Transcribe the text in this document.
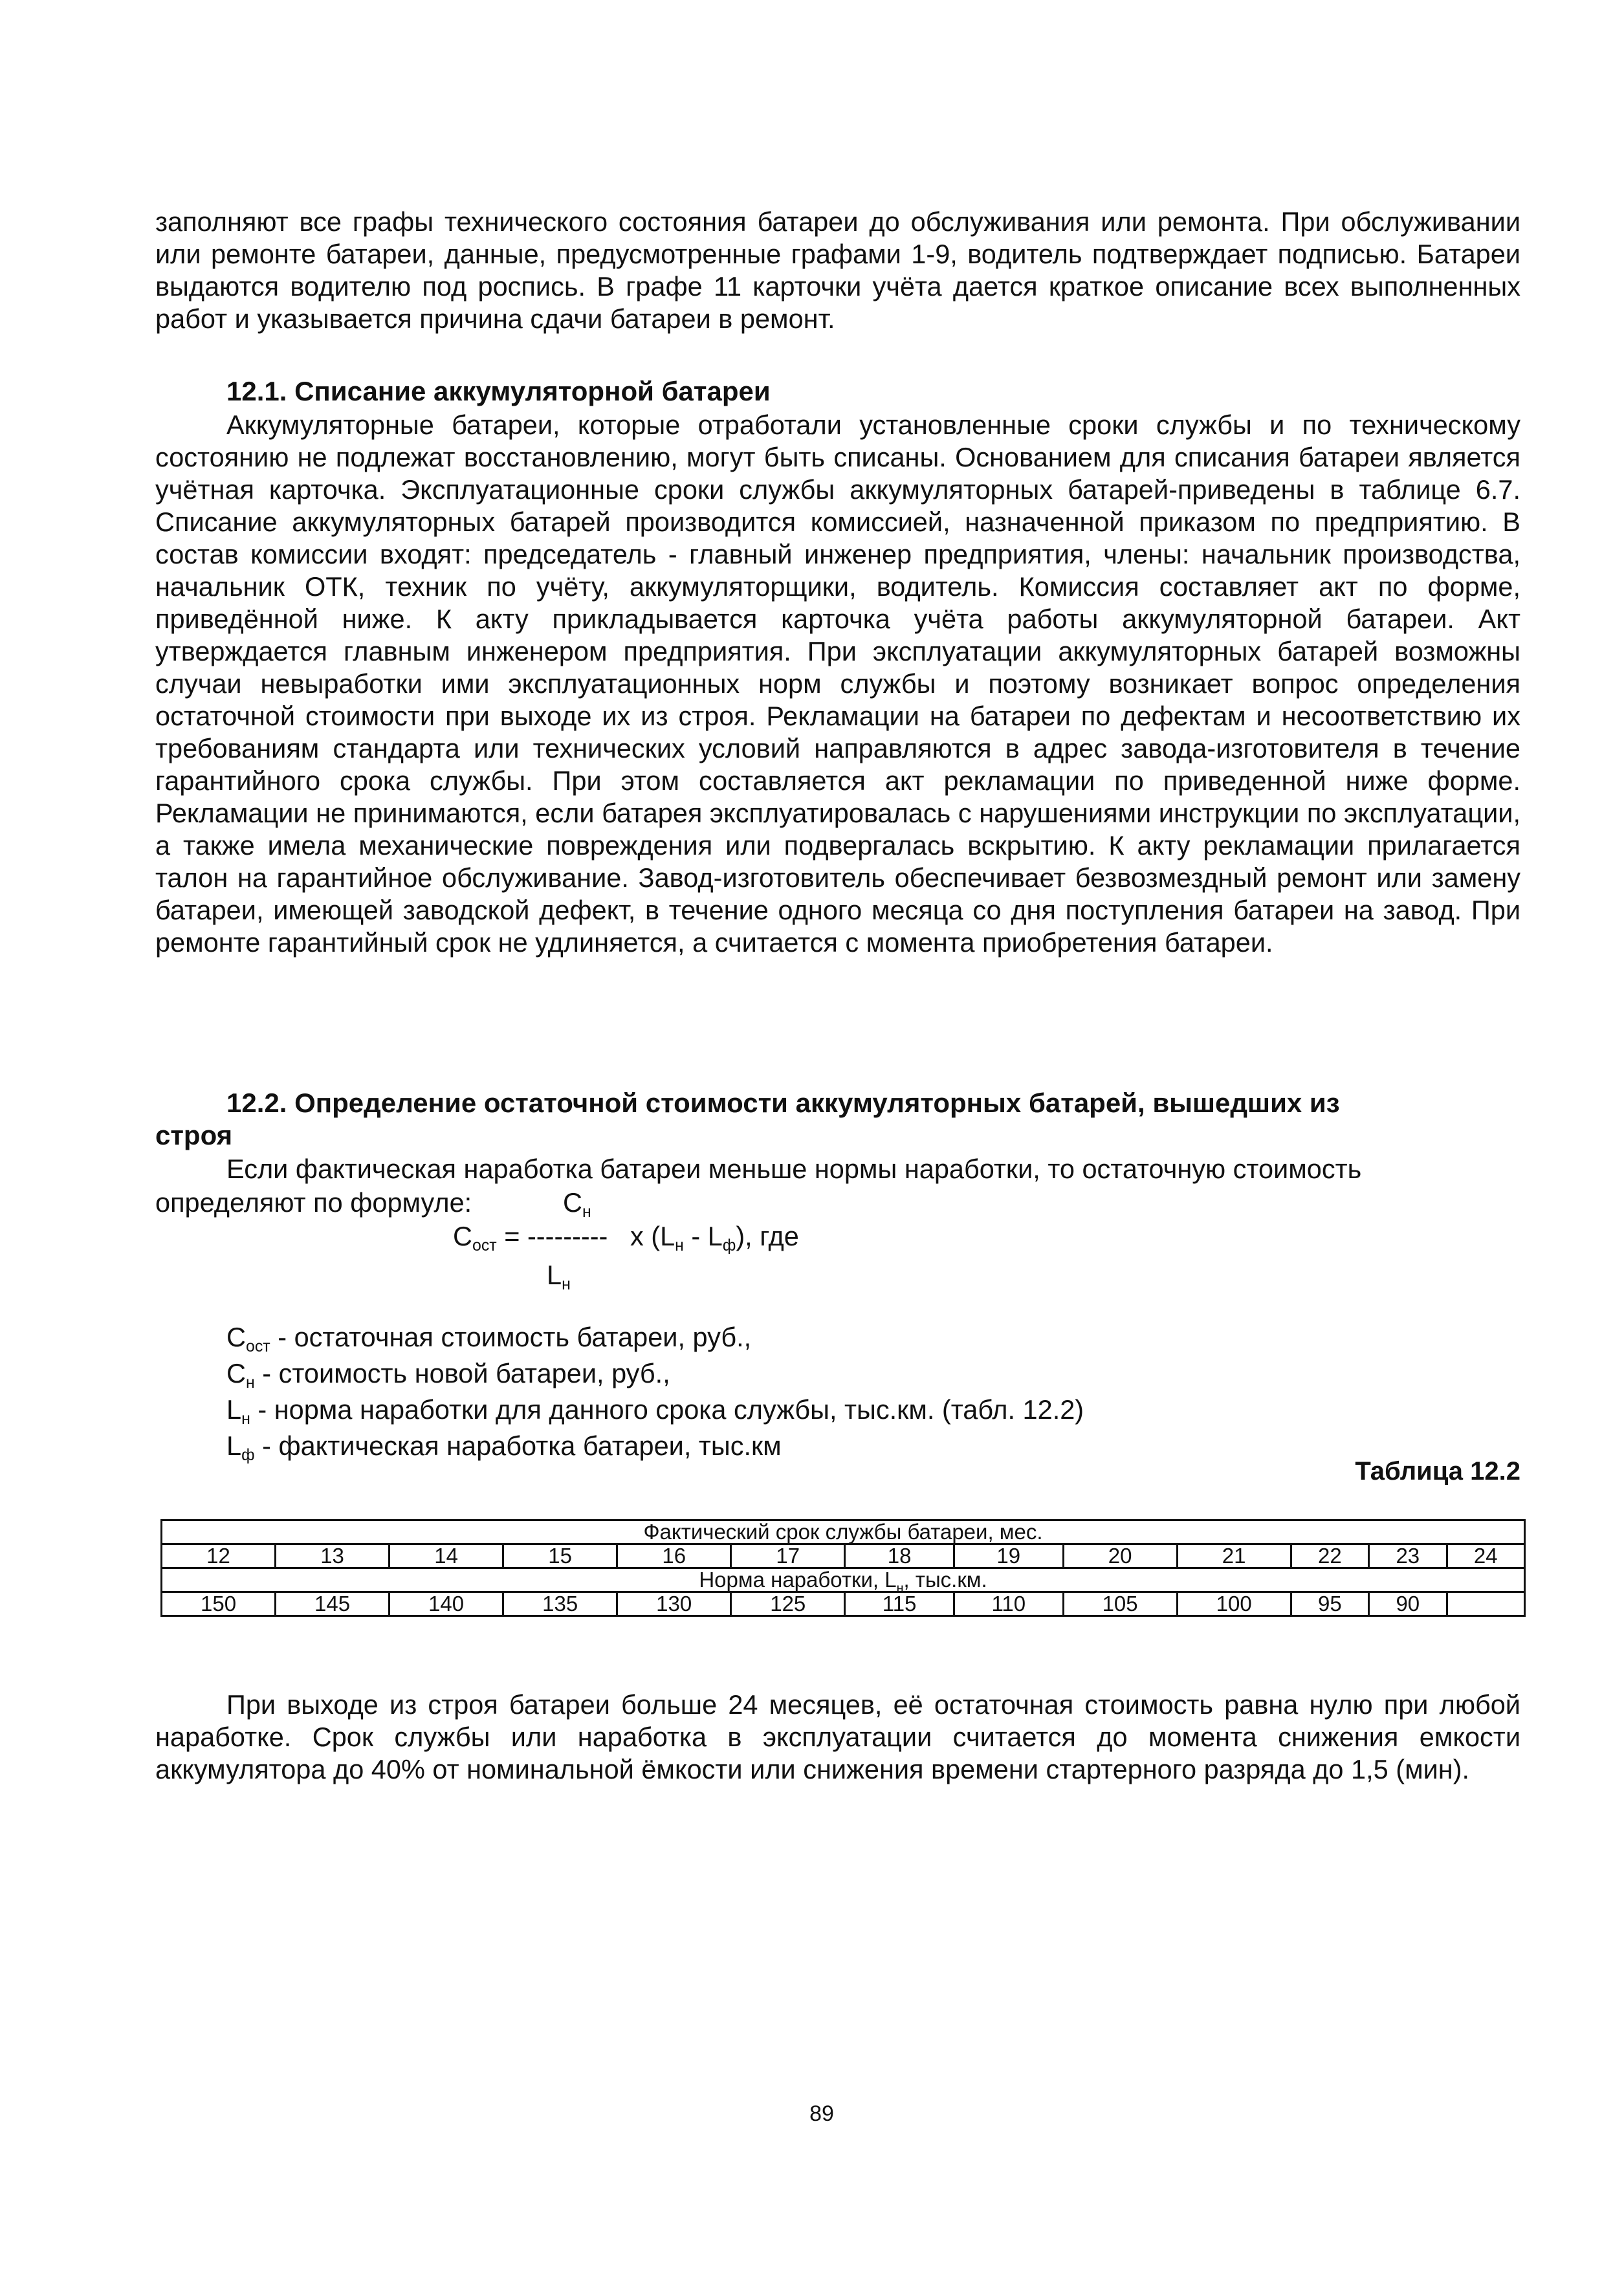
заполняют все графы технического состояния батареи до обслуживания или ремонта. При обслуживании или ремонте батареи, данные, предусмотренные графами 1-9, водитель подтверждает подписью. Батареи выдаются водителю под роспись. В графе 11 карточки учёта дается краткое описание всех выполненных работ и указывается причина сдачи батареи в ремонт.

12.1. Списание аккумуляторной батареи

Аккумуляторные батареи, которые отработали установленные сроки службы и по техническому состоянию не подлежат восстановлению, могут быть списаны. Основанием для списания батареи является учётная карточка. Эксплуатационные сроки службы аккумуляторных батарей-приведены в таблице 6.7. Списание аккумуляторных батарей производится комиссией, назначенной приказом по предприятию. В состав комиссии входят: председатель - главный инженер предприятия, члены: начальник производства, начальник ОТК, техник по учёту, аккумуляторщики, водитель. Комиссия составляет акт по форме, приведённой ниже. К акту прикладывается карточка учёта работы аккумуляторной батареи. Акт утверждается главным инженером предприятия. При эксплуатации аккумуляторных батарей возможны случаи невыработки ими эксплуатационных норм службы и поэтому возникает вопрос определения остаточной стоимости при выходе их из строя. Рекламации на батареи по дефектам и несоответствию их требованиям стандарта или технических условий направляются в адрес завода-изготовителя в течение гарантийного срока службы. При этом составляется акт рекламации по приведенной ниже форме. Рекламации не принимаются, если батарея эксплуатировалась с нарушениями инструкции по эксплуатации, а также имела механические повреждения или подвергалась вскрытию. К акту рекламации прилагается талон на гарантийное обслуживание. Завод-изготовитель обеспечивает безвозмездный ремонт или замену батареи, имеющей заводской дефект, в течение одного месяца со дня поступления батареи на завод. При ремонте гарантийный срок не удлиняется, а считается с момента приобретения батареи.

12.2. Определение остаточной стоимости аккумуляторных батарей, вышедших из
строя
Если фактическая наработка батареи меньше нормы наработки, то остаточную стоимость
определяют по формуле:	$C_н$
$C_{ост}$ = --------- x $(L_н - L_ф)$, где
$L_н$
$C_{ост}$ - остаточная стоимость батареи, руб.,
$C_н$ - стоимость новой батареи, руб.,
$L_н$ - норма наработки для данного срока службы, тыс.км. (табл. 12.2)
$L_ф$ - фактическая наработка батареи, тыс.км
Таблица 12.2
Фактический срок службы батареи, мес.												
12	13	14	15	16	17	18	19	20	21	22	23	24
Норма наработки, $L_н$, тыс.км.												
150	145	140	135	130	125	115	110	105	100	95	90	

При выходе из строя батареи больше 24 месяцев, её остаточная стоимость равна нулю при любой наработке. Срок службы или наработка в эксплуатации считается до момента снижения емкости аккумулятора до 40% от номинальной ёмкости или снижения времени стартерного разряда до 1,5 (мин).

89
